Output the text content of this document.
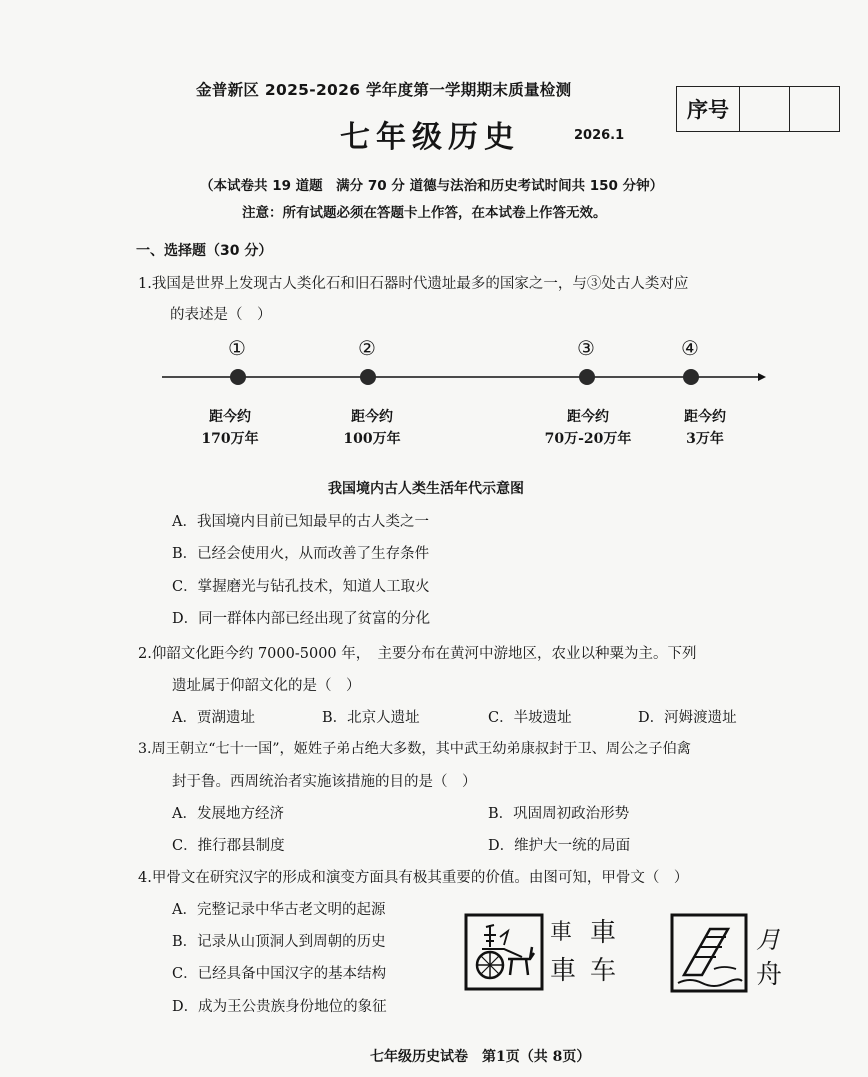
金普新区 2025-2026 学年度第一学期期末质量检测
七年级历史	2026.1
序号
（本试卷共 19 道题　满分 70 分 道德与法治和历史考试时间共 150 分钟）
注意：所有试题必须在答题卡上作答，在本试卷上作答无效。
一、选择题（30 分）
1.我国是世界上发现古人类化石和旧石器时代遗址最多的国家之一，与③处古人类对应
的表述是（　）
①	②	③	④
距今约
170万年
距今约
100万年
距今约
70万-20万年
距今约
3万年
我国境内古人类生活年代示意图
A．我国境内目前已知最早的古人类之一
B．已经会使用火，从而改善了生存条件
C．掌握磨光与钻孔技术，知道人工取火
D．同一群体内部已经出现了贫富的分化
2.仰韶文化距今约 7000-5000 年，　主要分布在黄河中游地区，农业以种粟为主。下列
遗址属于仰韶文化的是（　）
A．贾湖遗址	B．北京人遗址	C．半坡遗址	D．河姆渡遗址
3.周王朝立“七十一国”，姬姓子弟占绝大多数，其中武王幼弟康叔封于卫、周公之子伯禽
封于鲁。西周统治者实施该措施的目的是（　）
A．发展地方经济	B．巩固周初政治形势
C．推行郡县制度	D．维护大一统的局面
4.甲骨文在研究汉字的形成和演变方面具有极其重要的价值。由图可知，甲骨文（　）
A．完整记录中华古老文明的起源
B．记录从山顶洞人到周朝的历史
C．已经具备中国汉字的基本结构
D．成为王公贵族身份地位的象征
車 車
車 车
月
舟
七年级历史试卷　第1页（共 8页）
